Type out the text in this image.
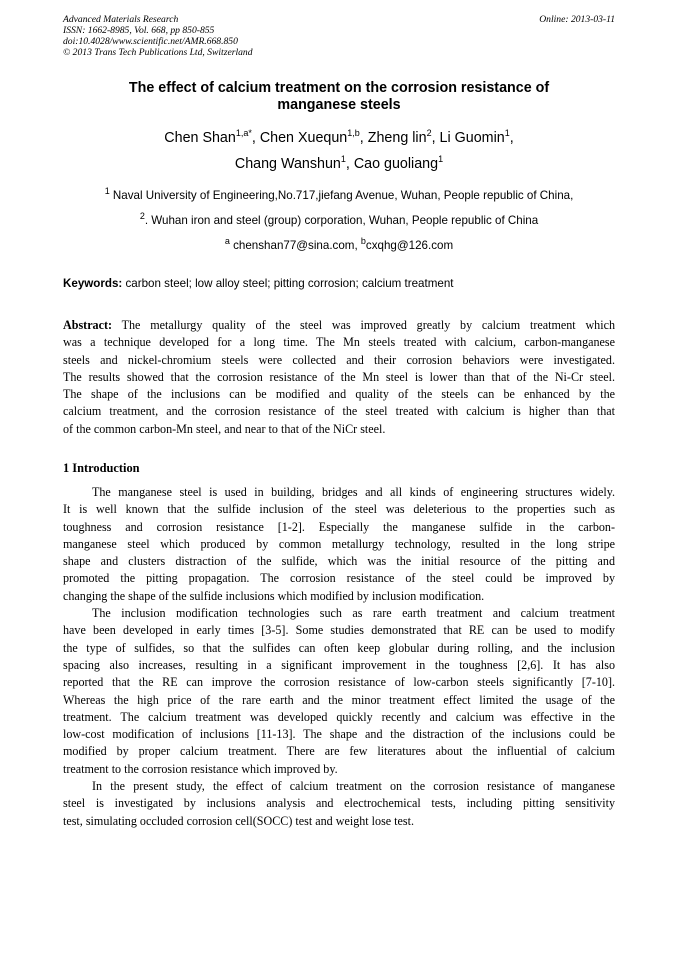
Advanced Materials Research
ISSN: 1662-8985, Vol. 668, pp 850-855
doi:10.4028/www.scientific.net/AMR.668.850
© 2013 Trans Tech Publications Ltd, Switzerland
Online: 2013-03-11
The effect of calcium treatment on the corrosion resistance of
manganese steels
Chen Shan$^{1,a*}$, Chen Xuequn$^{1,b}$, Zheng lin$^2$, Li Guomin$^1$,
Chang Wanshun$^1$, Cao guoliang$^1$
$^1$ Naval University of Engineering,No.717,jiefang Avenue, Wuhan, People republic of China,
$^2$. Wuhan iron and steel (group) corporation, Wuhan, People republic of China
$^a$ chenshan77@sina.com, $^b$cxqhg@126.com
Keywords: carbon steel; low alloy steel; pitting corrosion; calcium treatment
Abstract: The metallurgy quality of the steel was improved greatly by calcium treatment which
was a technique developed for a long time. The Mn steels treated with calcium, carbon-manganese
steels and nickel-chromium steels were collected and their corrosion behaviors were investigated.
The results showed that the corrosion resistance of the Mn steel is lower than that of the Ni-Cr steel.
The shape of the inclusions can be modified and quality of the steels can be enhanced by the
calcium treatment, and the corrosion resistance of the steel treated with calcium is higher than that
of the common carbon-Mn steel, and near to that of the NiCr steel.
1 Introduction
The manganese steel is used in building, bridges and all kinds of engineering structures widely.
It is well known that the sulfide inclusion of the steel was deleterious to the properties such as
toughness and corrosion resistance [1-2]. Especially the manganese sulfide in the carbon-
manganese steel which produced by common metallurgy technology, resulted in the long stripe
shape and clusters distraction of the sulfide, which was the initial resource of the pitting and
promoted the pitting propagation. The corrosion resistance of the steel could be improved by
changing the shape of the sulfide inclusions which modified by inclusion modification.
The inclusion modification technologies such as rare earth treatment and calcium treatment
have been developed in early times [3-5]. Some studies demonstrated that RE can be used to modify
the type of sulfides, so that the sulfides can often keep globular during rolling, and the inclusion
spacing also increases, resulting in a significant improvement in the toughness [2,6]. It has also
reported that the RE can improve the corrosion resistance of low-carbon steels significantly [7-10].
Whereas the high price of the rare earth and the minor treatment effect limited the usage of the
treatment. The calcium treatment was developed quickly recently and calcium was effective in the
low-cost modification of inclusions [11-13]. The shape and the distraction of the inclusions could be
modified by proper calcium treatment. There are few literatures about the influential of calcium
treatment to the corrosion resistance which improved by.
In the present study, the effect of calcium treatment on the corrosion resistance of manganese
steel is investigated by inclusions analysis and electrochemical tests, including pitting sensitivity
test, simulating occluded corrosion cell(SOCC) test and weight lose test.
